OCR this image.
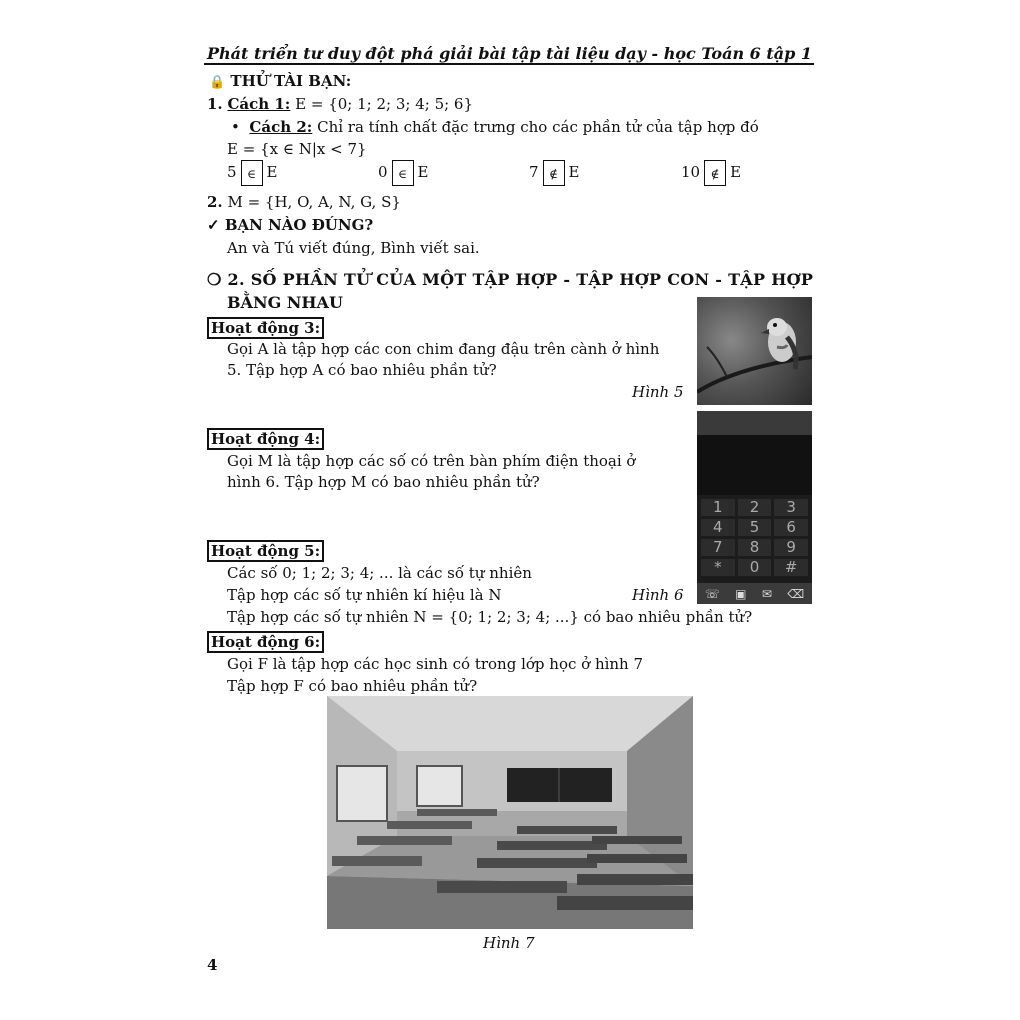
Phát triển tư duy đột phá giải bài tập tài liệu dạy - học Toán 6 tập 1
🔒 THỬ TÀI BẠN:
1. Cách 1: E = {0; 1; 2; 3; 4; 5; 6}
• Cách 2: Chỉ ra tính chất đặc trưng cho các phần tử của tập hợp đó
E = {x ∈ N|x < 7}
5 ∈ E	0 ∈ E	7 ∉ E	10 ∉ E
2. M = {H, O, A, N, G, S}
✓ BẠN NÀO ĐÚNG?
An và Tú viết đúng, Bình viết sai.
❍ 2. SỐ PHẦN TỬ CỦA MỘT TẬP HỢP - TẬP HỢP CON - TẬP HỢP
BẰNG NHAU
Hoạt động 3:
Gọi A là tập hợp các con chim đang đậu trên cành ở hình
5. Tập hợp A có bao nhiêu phần tử?
Hình 5
1	2	3
4	5	6
7	8	9
*	0	#
☏ ▣ ✉ ⌫
Hoạt động 4:
Gọi M là tập hợp các số có trên bàn phím điện thoại ở
hình 6. Tập hợp M có bao nhiêu phần tử?
Hoạt động 5:
Các số 0; 1; 2; 3; 4; ... là các số tự nhiên
Tập hợp các số tự nhiên kí hiệu là N	Hình 6
Tập hợp các số tự nhiên N = {0; 1; 2; 3; 4; ...} có bao nhiêu phần tử?
Hoạt động 6:
Gọi F là tập hợp các học sinh có trong lớp học ở hình 7
Tập hợp F có bao nhiêu phần tử?
Hình 7
4
